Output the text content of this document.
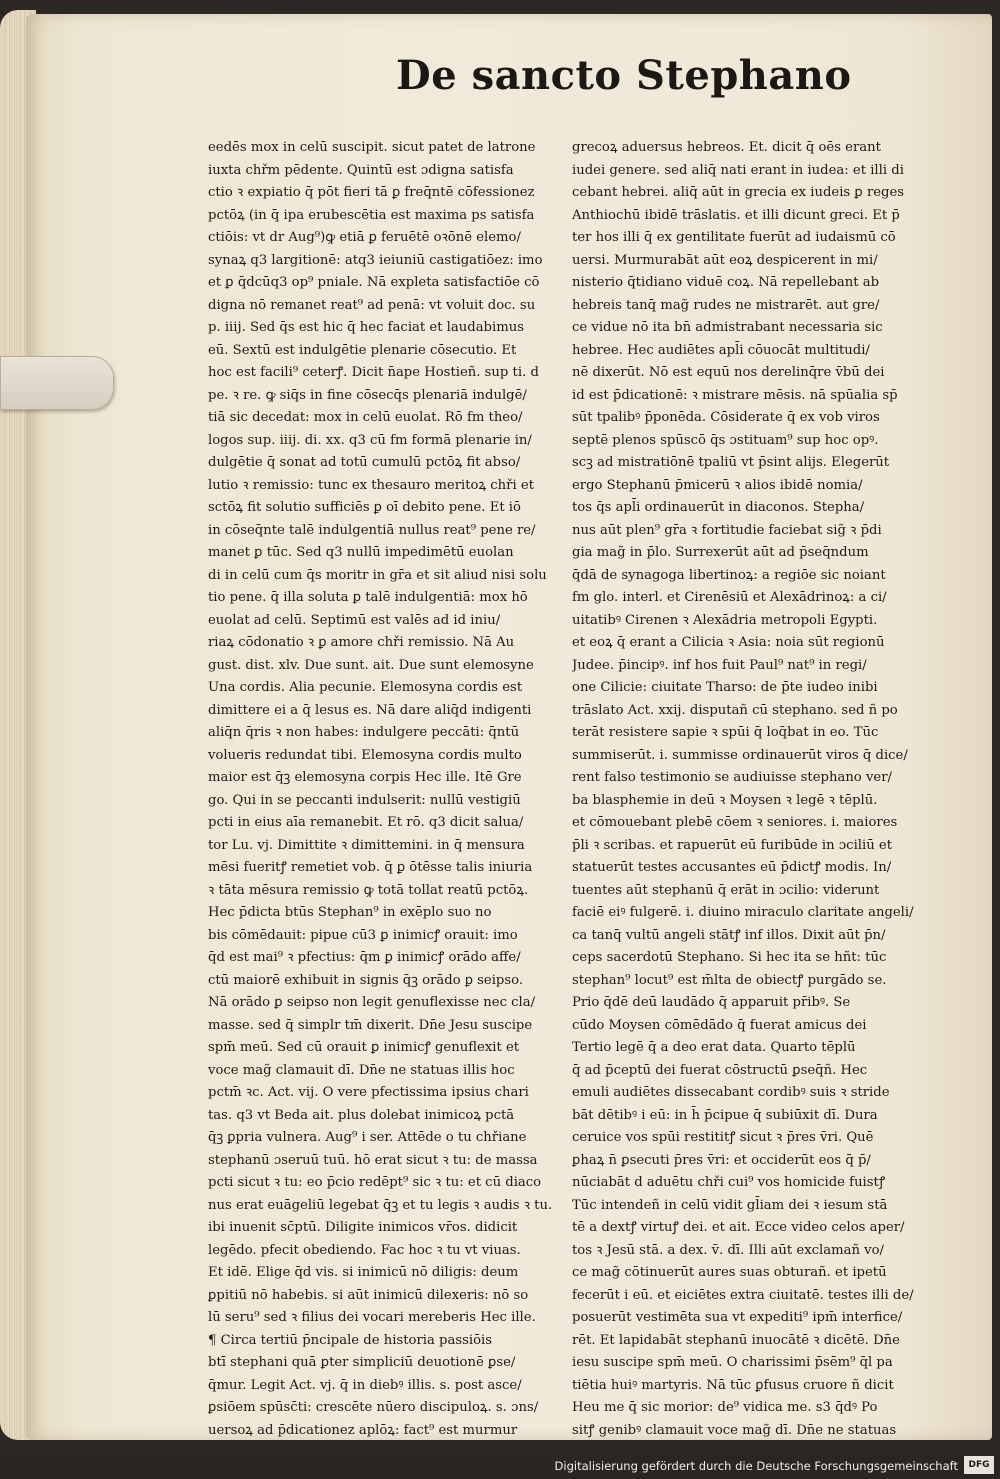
De sancto Stephano
eedēs mox in celū suscipit. sicut patet de latrone
iuxta chřm pēdente. Quintū est ɔdigna satisfa
ctio ꝛ expiatio q̄ pōt fieri tā ꝑ freq̄ntē cōfessionez
pctōꝝ (in q̄ ipa erubescētia est maxima ps satisfa
ctiōis: vt dr Aug⁹)ꝙ etiā ꝑ feruētē oꝛōnē elemo/
synaꝝ q3 largitionē: atq3 ieiuniū castigatiōez: imo
et ꝑ q̄dcūq3 op⁹ pniale. Nā expleta satisfactiōe cō
digna nō remanet reat⁹ ad penā: vt voluit doc. su
p. iiij. Sed q̄s est hic q̄ hec faciat et laudabimus
eū. Sextū est indulgētie plenarie cōsecutio. Et
hoc est facili⁹ ceterꝭ. Dicit n̄ape Hostieñ. sup ti. d
pe. ꝛ re. ꝙ siq̄s in fine cōsecq̄s plenariā indulgē/
tiā sic decedat: mox in celū euolat. Rō fm theo/
logos sup. iiij. di. xx. q3 cū fm formā plenarie in/
dulgētie q̄ sonat ad totū cumulū pctōꝝ fit abso/
lutio ꝛ remissio: tunc ex thesauro meritoꝝ chři et
sctōꝝ fit solutio sufficiēs ꝑ oī debito pene. Et iō
in cōseq̄nte talē indulgentiā nullus reat⁹ pene re/
manet ꝑ tūc. Sed q3 nullū impedimētū euolan
di in celū cum q̄s moritr in gr̄a et sit aliud nisi solu
tio pene. q̄ illa soluta ꝑ talē indulgentiā: mox hō
euolat ad celū. Septimū est valēs ad id iniu/
riaꝝ cōdonatio ꝛ ꝑ amore chři remissio. Nā Au
gust. dist. xlv. Due sunt. ait. Due sunt elemosyne
Una cordis. Alia pecunie. Elemosyna cordis est
dimittere ei a q̄ lesus es. Nā dare aliq̄d indigenti
aliq̄n q̄ris ꝛ non habes: indulgere peccāti: q̄ntū
volueris redundat tibi. Elemosyna cordis multo
maior est q̄ꝫ elemosyna corpis Hec ille. Itē Gre
go. Qui in se peccanti indulserit: nullū vestigiū
pcti in eius aīa remanebit. Et rō. q3 dicit salua/
tor Lu. vj. Dimittite ꝛ dimittemini. in q̄ mensura
mēsi fueritꝭ remetiet vob. q̄ ꝑ ōtēsse talis iniuria
ꝛ tāta mēsura remissio ꝙ totā tollat reatū pctōꝝ.
Hec p̄dicta btūs Stephan⁹ in exēplo suo no
bis cōmēdauit: pipue cū3 ꝑ inimicꝭ orauit: imo
q̄d est mai⁹ ꝛ pfectius: q̄m ꝑ inimicꝭ orādo affe/
ctū maiorē exhibuit in signis q̄ꝫ orādo ꝑ seipso.
Nā orādo ꝑ seipso non legit genuflexisse nec cla/
masse. sed q̄ simplr tm̄ dixerit. Dn̄e Jesu suscipe
spm̄ meū. Sed cū orauit ꝑ inimicꝭ genuflexit et
voce mag̃ clamauit dī. Dn̄e ne statuas illis hoc
pctm̄ ꝛc. Act. vij. O vere pfectissima ipsius chari
tas. q3 vt Beda ait. plus dolebat inimicoꝝ pctā
q̄ꝫ ꝑpria vulnera. Aug⁹ i ser. Attēde o tu chřiane
stephanū ɔseruū tuū. hō erat sicut ꝛ tu: de massa
pcti sicut ꝛ tu: eo p̄cio redēpt⁹ sic ꝛ tu: et cū diaco
nus erat euāgeliū legebat q̄ꝫ et tu legis ꝛ audis ꝛ tu.
ibi inuenit sc̄ptū. Diligite inimicos vr̄os. didicit
legēdo. pfecit obediendo. Fac hoc ꝛ tu vt viuas.
Et idē. Elige q̄d vis. si inimicū nō diligis: deum
ꝑpitiū nō habebis. si aūt inimicū dilexeris: nō so
lū seru⁹ sed ꝛ filius dei vocari mereberis Hec ille.
¶ Circa tertiū p̄ncipale de historia passiōis
btī stephani quā ꝑter simpliciū deuotionē ꝑse/
q̄mur. Legit Act. vj. q̄ in diebꝰ illis. s. post asce/
ꝑsiōem spūsc̄ti: crescēte nūero discipuloꝝ. s. ɔns/
uersoꝝ ad p̄dicationez aplōꝝ: fact⁹ est murmur
grecoꝝ aduersus hebreos. Et. dicit q̄ oēs erant
iudei genere. sed aliq̄ nati erant in iudea: et illi di
cebant hebrei. aliq̄ aūt in grecia ex iudeis ꝑ reges
Anthiochū ibidē trāslatis. et illi dicunt greci. Et p̄
ter hos illi q̄ ex gentilitate fuerūt ad iudaismū cō
uersi. Murmurabāt aūt eoꝝ despicerent in mi/
nisterio q̄tidiano viduē coꝝ. Nā repellebant ab
hebreis tanq̄ mag̃ rudes ne mistrarēt. aut gre/
ce vidue nō ita bn̄ admistrabant necessaria sic
hebree. Hec audiētes apl̄i cōuocāt multitudi/
nē dixerūt. Nō est equū nos derelinq̄re v̄bū dei
id est p̄dicationē: ꝛ mistrare mēsis. nā spūalia sp̄
sūt tpalibꝰ p̄ponēda. Cōsiderate q̄ ex vob viros
septē plenos spūscō q̄s ɔstituam⁹ sup hoc opꝰ.
scꝫ ad mistratiōnē tpaliū vt p̄sint alijs. Elegerūt
ergo Stephanū p̄micerū ꝛ alios ibidē nomia/
tos q̄s apl̄i ordinauerūt in diaconos. Stepha/
nus aūt plen⁹ gr̄a ꝛ fortitudie faciebat sig̃ ꝛ p̄di
gia mag̃ in p̄lo. Surrexerūt aūt ad p̄seq̄ndum
q̄dā de synagoga libertinoꝝ: a regiōe sic noiant
fm glo. interl. et Cirenēsiū et Alexādrinoꝝ: a ci/
uitatibꝰ Cirenen ꝛ Alexādria metropoli Egypti.
et eoꝝ q̄ erant a Cilicia ꝛ Asia: noia sūt regionū
Judee. p̄incipꝰ. inf hos fuit Paul⁹ nat⁹ in regi/
one Cilicie: ciuitate Tharso: de p̄te iudeo inibi
trāslato Act. xxij. disputañ cū stephano. sed ñ po
terāt resistere sapie ꝛ spūi q̄ loq̄bat in eo. Tūc
summiserūt. i. summisse ordinauerūt viros q̄ dice/
rent falso testimonio se audiuisse stephano ver/
ba blasphemie in deū ꝛ Moysen ꝛ legē ꝛ tēplū.
et cōmouebant plebē cōem ꝛ seniores. i. maiores
p̄li ꝛ scribas. et rapuerūt eū furibūde in ɔciliū et
statuerūt testes accusantes eū p̄dictꝭ modis. In/
tuentes aūt stephanū q̄ erāt in ɔcilio: viderunt
faciē eiꝰ fulgerē. i. diuino miraculo claritate angeli/
ca tanq̄ vultū angeli stātꝭ inf illos. Dixit aūt p̄n/
ceps sacerdotū Stephano. Si hec ita se hñt: tūc
stephan⁹ locut⁹ est m̄lta de obiectꝭ purgādo se.
Prio q̄dē deū laudādo q̄ apparuit pr̄ibꝰ. Se
cūdo Moysen cōmēdādo q̄ fuerat amicus dei
Tertio legē q̄ a deo erat data. Quarto tēplū
q̄ ad p̄ceptū dei fuerat cōstructū ꝑseq̄ñ. Hec
emuli audiētes dissecabant cordibꝰ suis ꝛ stride
bāt dētibꝰ i eū: in h̄ p̄cipue q̄ subiūxit dī. Dura
ceruice vos spūi restititꝭ sicut ꝛ p̄res v̄ri. Quē
ꝑhaꝝ n̄ ꝑsecuti p̄res v̄ri: et occiderūt eos q̄ p̄/
nūciabāt d aduētu chři cui⁹ vos homicide fuistꝭ
Tūc intendeñ in celū vidit gl̄iam dei ꝛ iesum stā
tē a dextꝭ virtuꝭ dei. et ait. Ecce video celos aper/
tos ꝛ Jesū stā. a dex. v̄. dī. Illi aūt exclamañ vo/
ce mag̃ cōtinuerūt aures suas obturañ. et ipetū
fecerūt i eū. et eiciētes extra ciuitatē. testes illi de/
posuerūt vestimēta sua vt expediti⁹ ipm̄ interfice/
rēt. Et lapidabāt stephanū inuocātē ꝛ dicētē. Dn̄e
iesu suscipe spm̄ meū. O charissimi p̄sēm⁹ q̄l pa
tiētia huiꝰ martyris. Nā tūc ꝑfusus cruore ñ dicit
Heu me q̄ sic morior: de⁹ vidica me. s3 q̄dꝰ Po
sitꝭ genibꝰ clamauit voce mag̃ dī. Dn̄e ne statuas
Digitalisierung gefördert durch die Deutsche Forschungsgemeinschaft	DFG
